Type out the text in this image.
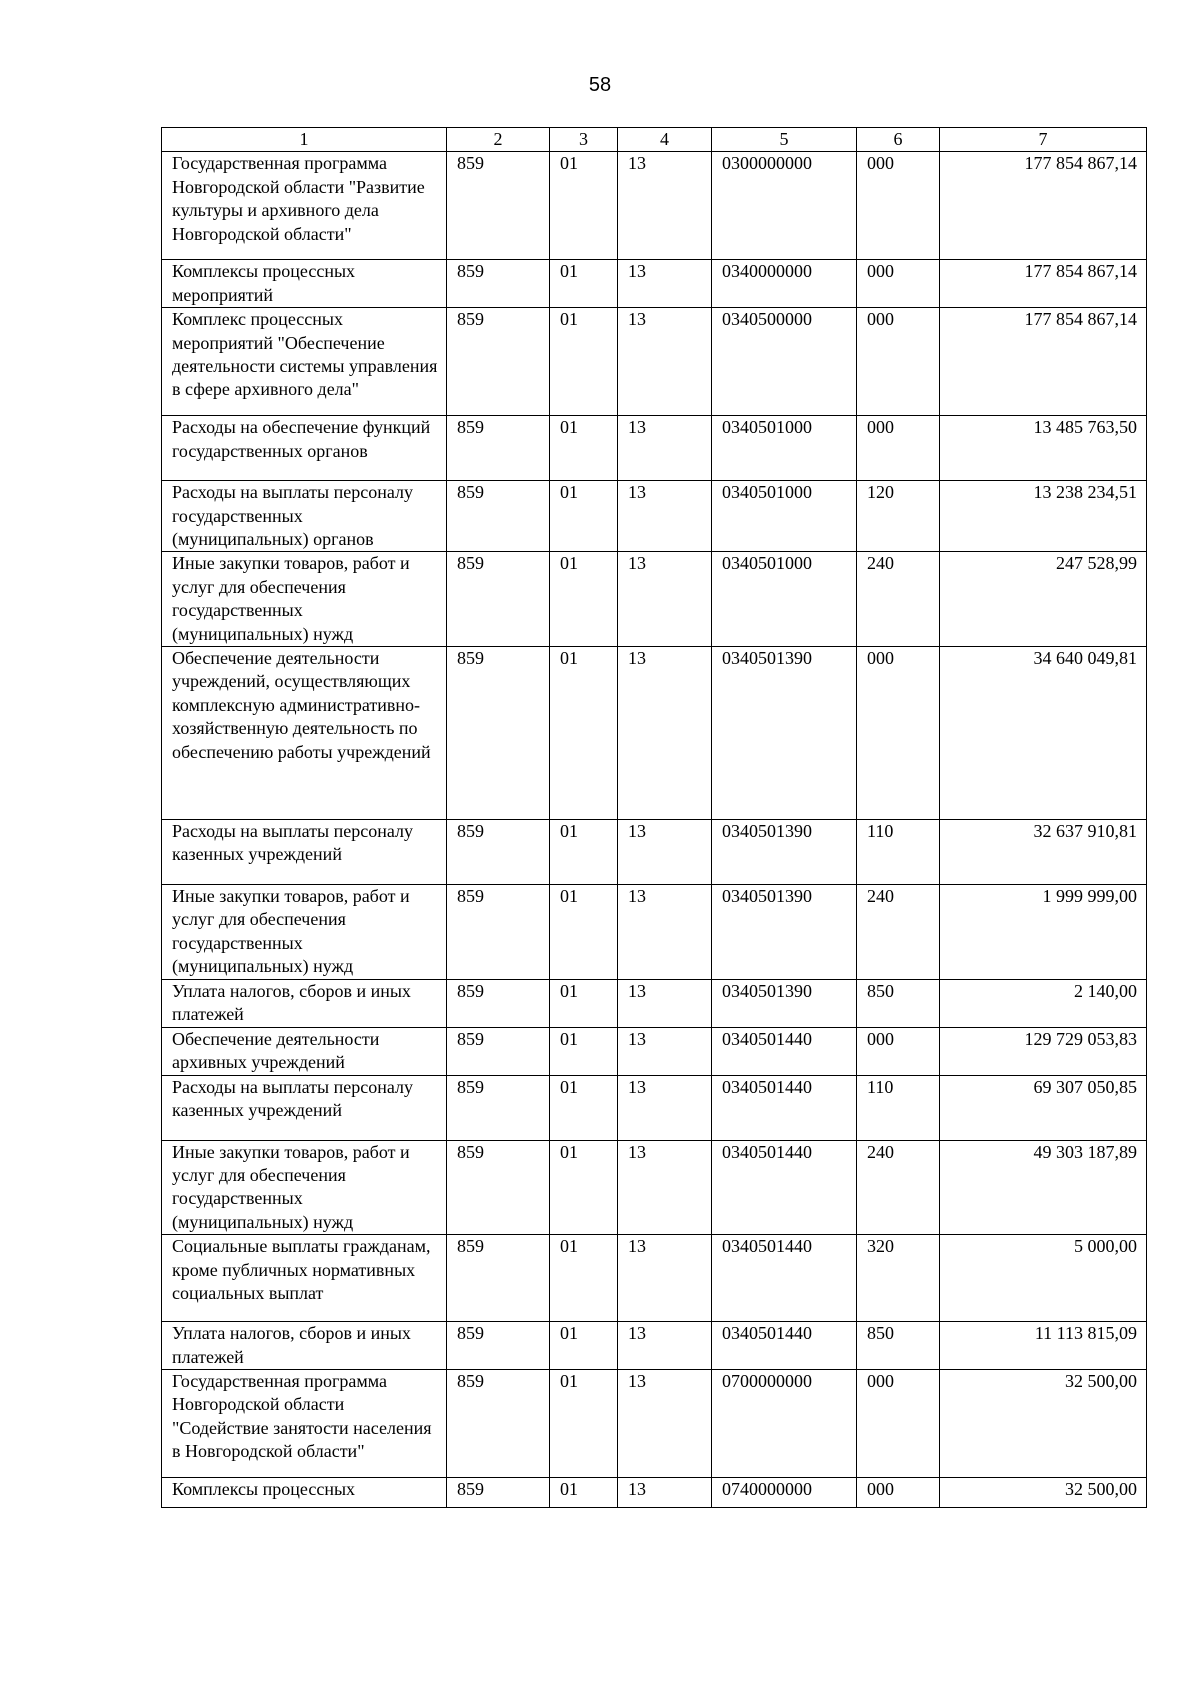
58
1	2	3	4	5	6	7
Государственная программа Новгородской области "Развитие культуры и архивного дела Новгородской области"	859	01	13	0300000000	000	177 854 867,14
Комплексы процессных мероприятий	859	01	13	0340000000	000	177 854 867,14
Комплекс процессных мероприятий "Обеспечение деятельности системы управления в сфере архивного дела"	859	01	13	0340500000	000	177 854 867,14
Расходы на обеспечение функций государственных органов	859	01	13	0340501000	000	13 485 763,50
Расходы на выплаты персоналу государственных (муниципальных) органов	859	01	13	0340501000	120	13 238 234,51
Иные закупки товаров, работ и услуг для обеспечения государственных (муниципальных) нужд	859	01	13	0340501000	240	247 528,99
Обеспечение деятельности учреждений, осуществляющих комплексную административно-хозяйственную деятельность по обеспечению работы учреждений	859	01	13	0340501390	000	34 640 049,81
Расходы на выплаты персоналу казенных учреждений	859	01	13	0340501390	110	32 637 910,81
Иные закупки товаров, работ и услуг для обеспечения государственных (муниципальных) нужд	859	01	13	0340501390	240	1 999 999,00
Уплата налогов, сборов и иных платежей	859	01	13	0340501390	850	2 140,00
Обеспечение деятельности архивных учреждений	859	01	13	0340501440	000	129 729 053,83
Расходы на выплаты персоналу казенных учреждений	859	01	13	0340501440	110	69 307 050,85
Иные закупки товаров, работ и услуг для обеспечения государственных (муниципальных) нужд	859	01	13	0340501440	240	49 303 187,89
Социальные выплаты гражданам, кроме публичных нормативных социальных выплат	859	01	13	0340501440	320	5 000,00
Уплата налогов, сборов и иных платежей	859	01	13	0340501440	850	11 113 815,09
Государственная программа Новгородской области "Содействие занятости населения в Новгородской области"	859	01	13	0700000000	000	32 500,00
Комплексы процессных	859	01	13	0740000000	000	32 500,00
